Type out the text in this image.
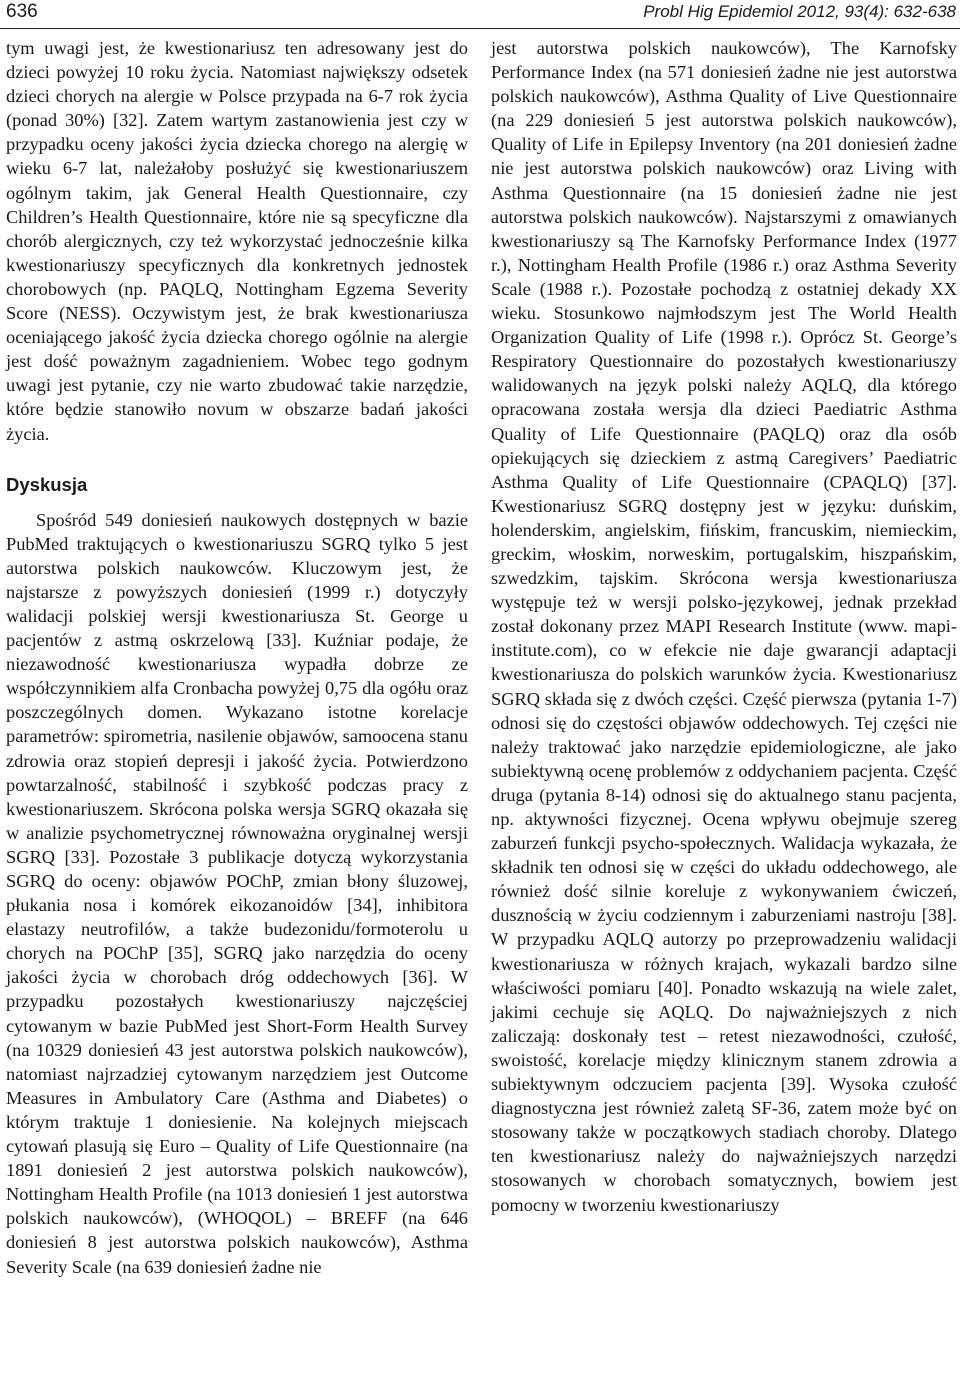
636	Probl Hig Epidemiol 2012, 93(4): 632-638

tym uwagi jest, że kwestionariusz ten adresowany jest do dzieci powyżej 10 roku życia. Natomiast największy odsetek dzieci chorych na alergie w Polsce przypada na 6-7 rok życia (ponad 30%) [32]. Zatem wartym zastanowienia jest czy w przypadku oceny jakości życia dziecka chorego na alergię w wieku 6-7 lat, należałoby posłużyć się kwestionariuszem ogólnym takim, jak General Health Questionnaire, czy Children’s Health Questionnaire, które nie są specyficzne dla chorób alergicznych, czy też wykorzystać jednocześnie kilka kwestionariuszy specyficznych dla konkretnych jednostek chorobowych (np. PAQLQ, Nottingham Egzema Severity Score (NESS). Oczywistym jest, że brak kwestionariusza oceniającego jakość życia dziecka chorego ogólnie na alergie jest dość poważnym zagadnieniem. Wobec tego godnym uwagi jest pytanie, czy nie warto zbudować takie narzędzie, które będzie stanowiło novum w obszarze badań jakości życia.

Dyskusja

Spośród 549 doniesień naukowych dostępnych w bazie PubMed traktujących o kwestionariuszu SGRQ tylko 5 jest autorstwa polskich naukowców. Kluczowym jest, że najstarsze z powyższych doniesień (1999 r.) dotyczyły walidacji polskiej wersji kwestionariusza St. George u pacjentów z astmą oskrzelową [33]. Kuźniar podaje, że niezawodność kwestionariusza wypadła dobrze ze współczynnikiem alfa Cronbacha powyżej 0,75 dla ogółu oraz poszczególnych domen. Wykazano istotne korelacje parametrów: spirometria, nasilenie objawów, samoocena stanu zdrowia oraz stopień depresji i jakość życia. Potwierdzono powtarzalność, stabilność i szybkość podczas pracy z kwestionariuszem. Skrócona polska wersja SGRQ okazała się w analizie psychometrycznej równoważna oryginalnej wersji SGRQ [33]. Pozostałe 3 publikacje dotyczą wykorzystania SGRQ do oceny: objawów POChP, zmian błony śluzowej, płukania nosa i komórek eikozanoidów [34], inhibitora elastazy neutrofilów, a także budezonidu/formoterolu u chorych na POChP [35], SGRQ jako narzędzia do oceny jakości życia w chorobach dróg oddechowych [36]. W przypadku pozostałych kwestionariuszy najczęściej cytowanym w bazie PubMed jest Short-Form Health Survey (na 10329 doniesień 43 jest autorstwa polskich naukowców), natomiast najrzadziej cytowanym narzędziem jest Outcome Measures in Ambulatory Care (Asthma and Diabetes) o którym traktuje 1 doniesienie. Na kolejnych miejscach cytowań plasują się Euro – Quality of Life Questionnaire (na 1891 doniesień 2 jest autorstwa polskich naukowców), Nottingham Health Profile (na 1013 doniesień 1 jest autorstwa polskich naukowców), (WHOQOL) – BREFF (na 646 doniesień 8 jest autorstwa polskich naukowców), Asthma Severity Scale (na 639 doniesień żadne nie

jest autorstwa polskich naukowców), The Karnofsky Performance Index (na 571 doniesień żadne nie jest autorstwa polskich naukowców), Asthma Quality of Live Questionnaire (na 229 doniesień 5 jest autorstwa polskich naukowców), Quality of Life in Epilepsy Inventory (na 201 doniesień żadne nie jest autorstwa polskich naukowców) oraz Living with Asthma Questionnaire (na 15 doniesień żadne nie jest autorstwa polskich naukowców). Najstarszymi z omawianych kwestionariuszy są The Karnofsky Performance Index (1977 r.), Nottingham Health Profile (1986 r.) oraz Asthma Severity Scale (1988 r.). Pozostałe pochodzą z ostatniej dekady XX wieku. Stosunkowo najmłodszym jest The World Health Organization Quality of Life (1998 r.). Oprócz St. George’s Respiratory Questionnaire do pozostałych kwestionariuszy walidowanych na język polski należy AQLQ, dla którego opracowana została wersja dla dzieci Paediatric Asthma Quality of Life Questionnaire (PAQLQ) oraz dla osób opiekujących się dzieckiem z astmą Caregivers’ Paediatric Asthma Quality of Life Questionnaire (CPAQLQ) [37]. Kwestionariusz SGRQ dostępny jest w języku: duńskim, holenderskim, angielskim, fińskim, francuskim, niemieckim, greckim, włoskim, norweskim, portugalskim, hiszpańskim, szwedzkim, tajskim. Skrócona wersja kwestionariusza występuje też w wersji polsko-językowej, jednak przekład został dokonany przez MAPI Research Institute (www. mapi-institute.com), co w efekcie nie daje gwarancji adaptacji kwestionariusza do polskich warunków życia. Kwestionariusz SGRQ składa się z dwóch części. Część pierwsza (pytania 1-7) odnosi się do częstości objawów oddechowych. Tej części nie należy traktować jako narzędzie epidemiologiczne, ale jako subiektywną ocenę problemów z oddychaniem pacjenta. Część druga (pytania 8-14) odnosi się do aktualnego stanu pacjenta, np. aktywności fizycznej. Ocena wpływu obejmuje szereg zaburzeń funkcji psycho-społecznych. Walidacja wykazała, że składnik ten odnosi się w części do układu oddechowego, ale również dość silnie koreluje z wykonywaniem ćwiczeń, dusznością w życiu codziennym i zaburzeniami nastroju [38]. W przypadku AQLQ autorzy po przeprowadzeniu walidacji kwestionariusza w różnych krajach, wykazali bardzo silne właściwości pomiaru [40]. Ponadto wskazują na wiele zalet, jakimi cechuje się AQLQ. Do najważniejszych z nich zaliczają: doskonały test – retest niezawodności, czułość, swoistość, korelacje między klinicznym stanem zdrowia a subiektywnym odczuciem pacjenta [39]. Wysoka czułość diagnostyczna jest również zaletą SF-36, zatem może być on stosowany także w początkowych stadiach choroby. Dlatego ten kwestionariusz należy do najważniejszych narzędzi stosowanych w chorobach somatycznych, bowiem jest pomocny w tworzeniu kwestionariuszy
